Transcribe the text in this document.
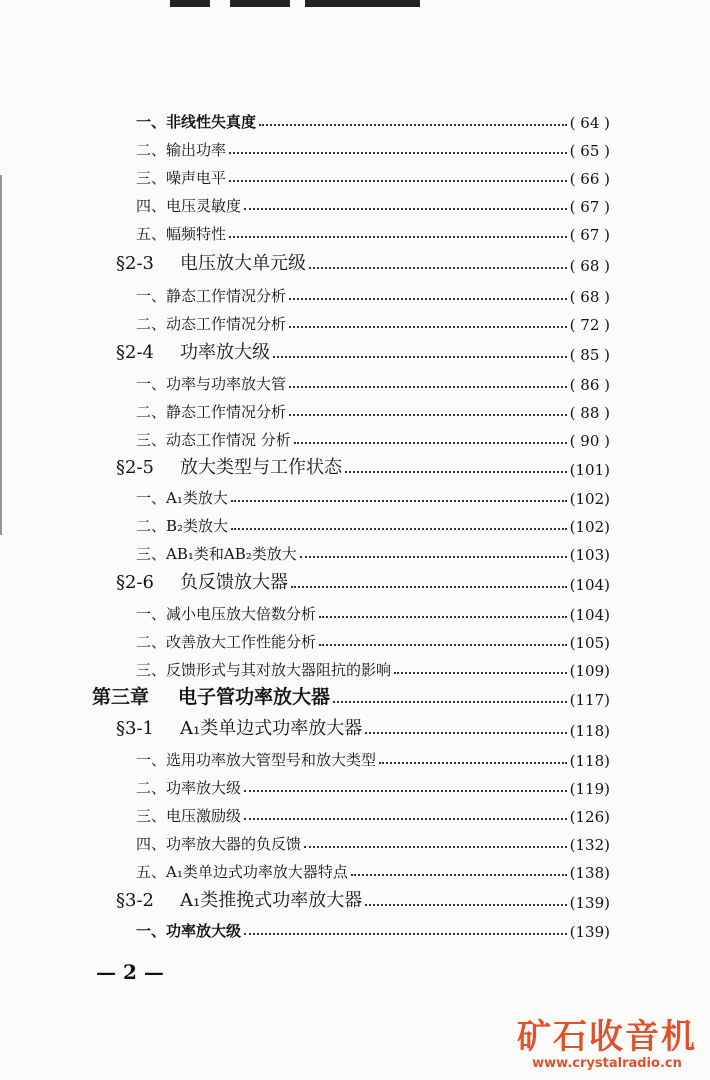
一、非线性失真度	( 64 )
二、输出功率	( 65 )
三、噪声电平	( 66 )
四、电压灵敏度	( 67 )
五、幅频特性	( 67 )
§2-3 电压放大单元级	( 68 )
一、静态工作情况分析	( 68 )
二、动态工作情况分析	( 72 )
§2-4 功率放大级	( 85 )
一、功率与功率放大管	( 86 )
二、静态工作情况分析	( 88 )
三、动态工作情况 分析	( 90 )
§2-5 放大类型与工作状态	(101)
一、A₁类放大	(102)
二、B₂类放大	(102)
三、AB₁类和AB₂类放大	(103)
§2-6 负反馈放大器	(104)
一、减小电压放大倍数分析	(104)
二、改善放大工作性能分析	(105)
三、反馈形式与其对放大器阻抗的影响	(109)
第三章 电子管功率放大器	(117)
§3-1 A₁类单边式功率放大器	(118)
一、选用功率放大管型号和放大类型	(118)
二、功率放大级	(119)
三、电压激励级	(126)
四、功率放大器的负反馈	(132)
五、A₁类单边式功率放大器特点	(138)
§3-2 A₁类推挽式功率放大器	(139)
一、功率放大级	(139)
— 2 —
矿石收音机
www.crystalradio.cn
